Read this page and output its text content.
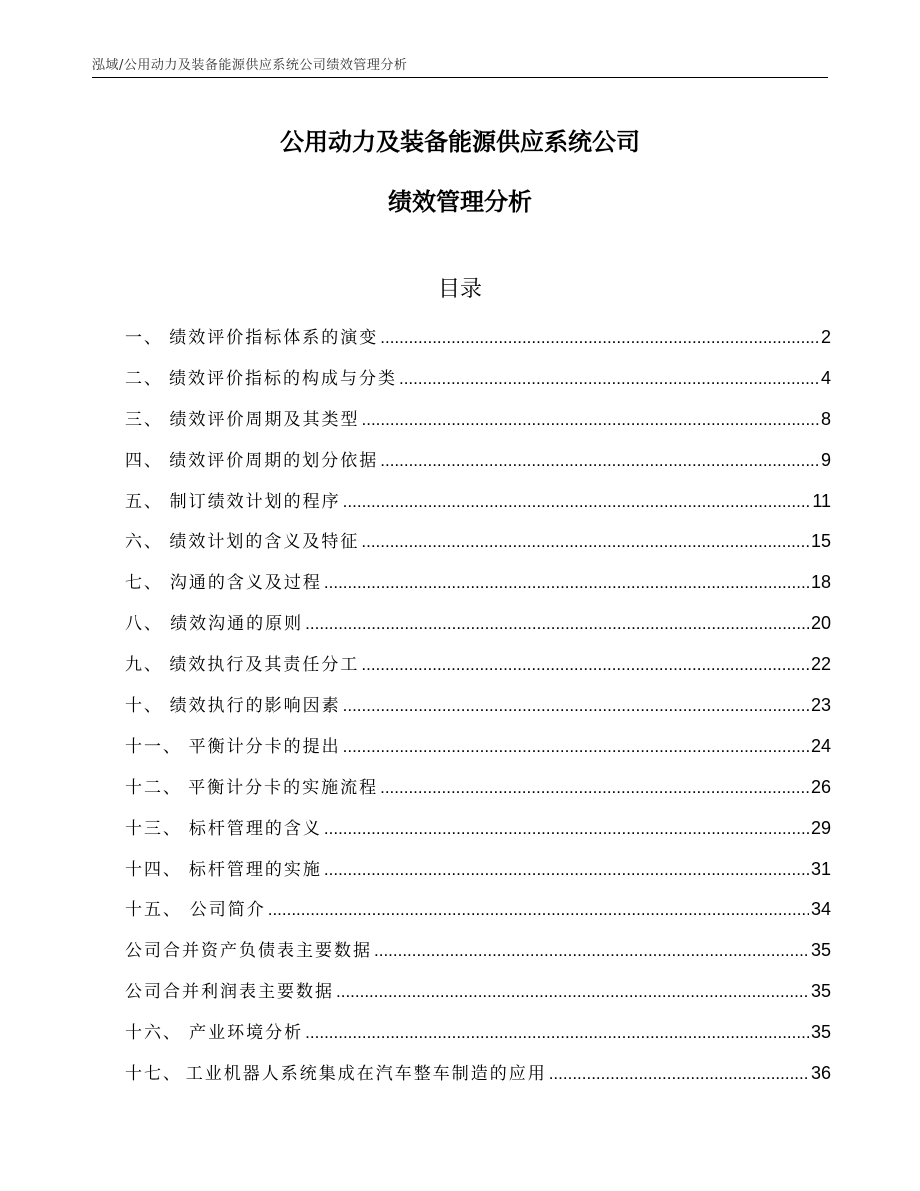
泓域/公用动力及装备能源供应系统公司绩效管理分析
公用动力及装备能源供应系统公司
绩效管理分析
目录
一、 绩效评价指标体系的演变 .....	2
二、 绩效评价指标的构成与分类 .....	4
三、 绩效评价周期及其类型 .....	8
四、 绩效评价周期的划分依据 .....	9
五、 制订绩效计划的程序 .....	11
六、 绩效计划的含义及特征 .....	15
七、 沟通的含义及过程 .....	18
八、 绩效沟通的原则 .....	20
九、 绩效执行及其责任分工 .....	22
十、 绩效执行的影响因素 .....	23
十一、 平衡计分卡的提出 .....	24
十二、 平衡计分卡的实施流程 .....	26
十三、 标杆管理的含义 .....	29
十四、 标杆管理的实施 .....	31
十五、 公司简介 .....	34
公司合并资产负债表主要数据 .....	35
公司合并利润表主要数据 .....	35
十六、 产业环境分析 .....	35
十七、 工业机器人系统集成在汽车整车制造的应用 .....	36
